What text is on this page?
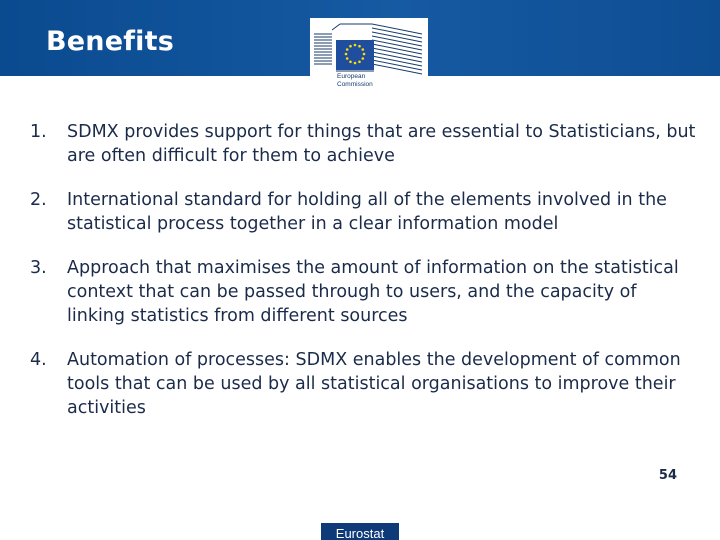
Benefits
European
Commission
1. SDMX provides support for things that are essential to Statisticians, but are often difficult for them to achieve
2. International standard for holding all of the elements involved in the statistical process together in a clear information model
3. Approach that maximises the amount of information on the statistical context that can be passed through to users, and the capacity of linking statistics from different sources
4. Automation of processes: SDMX enables the development of common tools that can be used by all statistical organisations to improve their activities
54
Eurostat
